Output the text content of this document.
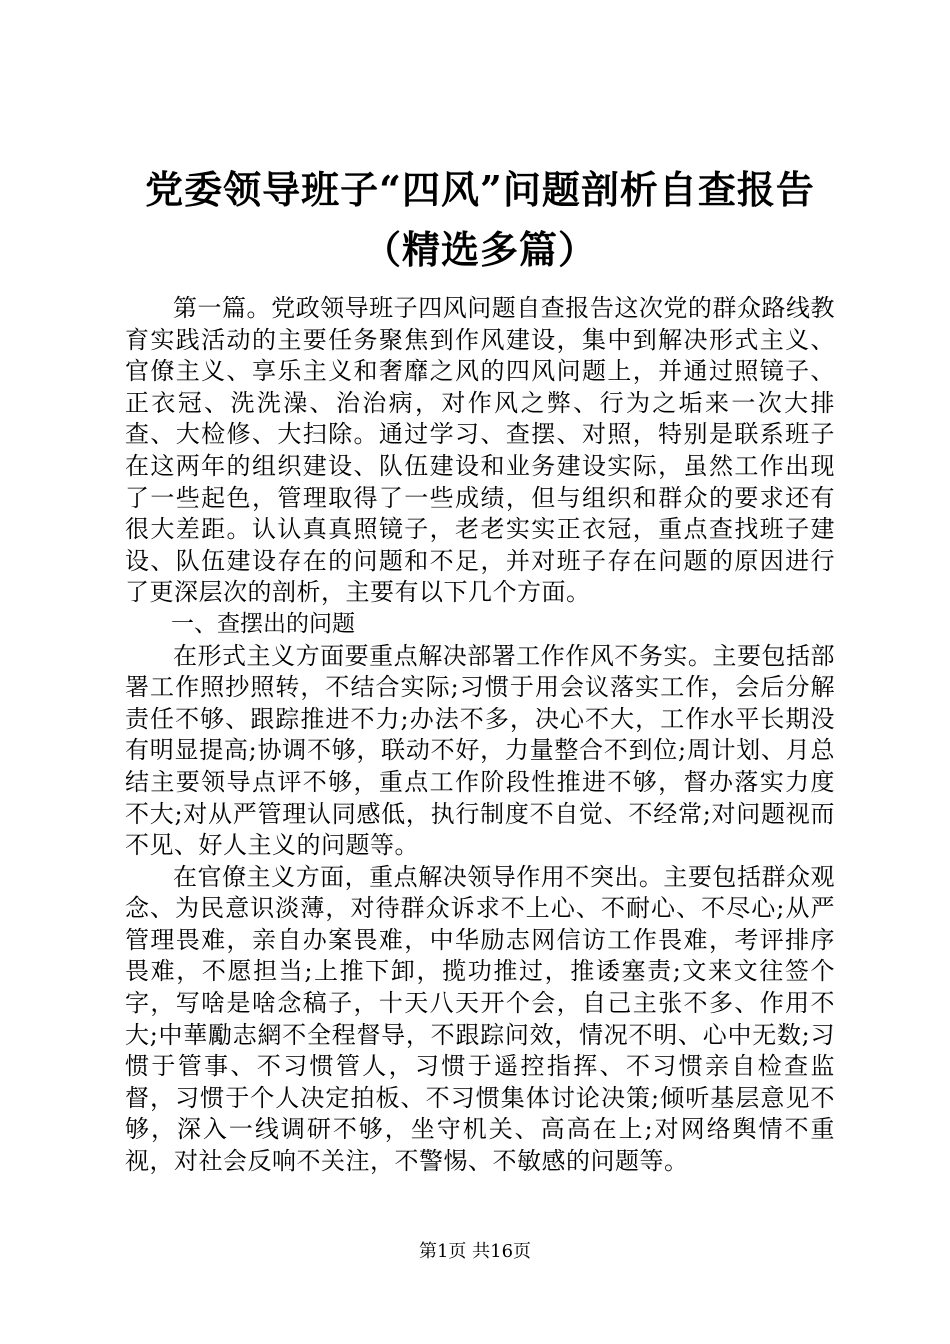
党委领导班子“四风”问题剖析自查报告（精选多篇）

第一篇。党政领导班子四风问题自查报告这次党的群众路线教育实践活动的主要任务聚焦到作风建设，集中到解决形式主义、官僚主义、享乐主义和奢靡之风的四风问题上，并通过照镜子、正衣冠、洗洗澡、治治病，对作风之弊、行为之垢来一次大排查、大检修、大扫除。通过学习、查摆、对照，特别是联系班子在这两年的组织建设、队伍建设和业务建设实际，虽然工作出现了一些起色，管理取得了一些成绩，但与组织和群众的要求还有很大差距。认认真真照镜子，老老实实正衣冠，重点查找班子建设、队伍建设存在的问题和不足，并对班子存在问题的原因进行了更深层次的剖析，主要有以下几个方面。

一、查摆出的问题

在形式主义方面要重点解决部署工作作风不务实。主要包括部署工作照抄照转，不结合实际;习惯于用会议落实工作，会后分解责任不够、跟踪推进不力;办法不多，决心不大，工作水平长期没有明显提高;协调不够，联动不好，力量整合不到位;周计划、月总结主要领导点评不够，重点工作阶段性推进不够，督办落实力度不大;对从严管理认同感低，执行制度不自觉、不经常;对问题视而不见、好人主义的问题等。

在官僚主义方面，重点解决领导作用不突出。主要包括群众观念、为民意识淡薄，对待群众诉求不上心、不耐心、不尽心;从严管理畏难，亲自办案畏难，中华励志网信访工作畏难，考评排序畏难，不愿担当;上推下卸，揽功推过，推诿塞责;文来文往签个字，写啥是啥念稿子，十天八天开个会，自己主张不多、作用不大;中華勵志網不全程督导，不跟踪问效，情况不明、心中无数;习惯于管事、不习惯管人，习惯于遥控指挥、不习惯亲自检查监督，习惯于个人决定拍板、不习惯集体讨论决策;倾听基层意见不够，深入一线调研不够，坐守机关、高高在上;对网络舆情不重视，对社会反响不关注，不警惕、不敏感的问题等。

第1页 共16页
